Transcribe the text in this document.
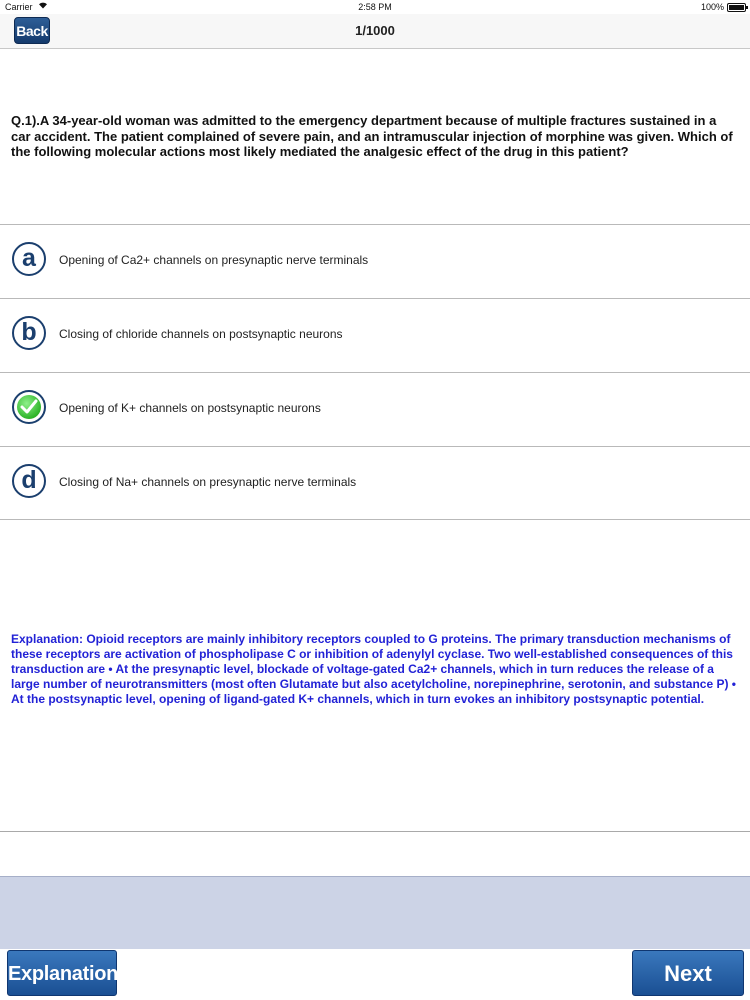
Carrier	2:58 PM	100%
Back	1/1000
Q.1).A 34-year-old woman was admitted to the emergency department because of multiple fractures sustained in a car accident. The patient complained of severe pain, and an intramuscular injection of morphine was given. Which of the following molecular actions most likely mediated the analgesic effect of the drug in this patient?
a	Opening of Ca2+ channels on presynaptic nerve terminals
b	Closing of chloride channels on postsynaptic neurons
Opening of K+ channels on postsynaptic neurons
d	Closing of Na+ channels on presynaptic nerve terminals
Explanation: Opioid receptors are mainly inhibitory receptors coupled to G proteins. The primary transduction mechanisms of these receptors are activation of phospholipase C or inhibition of adenylyl cyclase. Two well-established consequences of this transduction are • At the presynaptic level, blockade of voltage-gated Ca2+ channels, which in turn reduces the release of a large number of neurotransmitters (most often Glutamate but also acetylcholine, norepinephrine, serotonin, and substance P) • At the postsynaptic level, opening of ligand-gated K+ channels, which in turn evokes an inhibitory postsynaptic potential.
Explanation	Next
